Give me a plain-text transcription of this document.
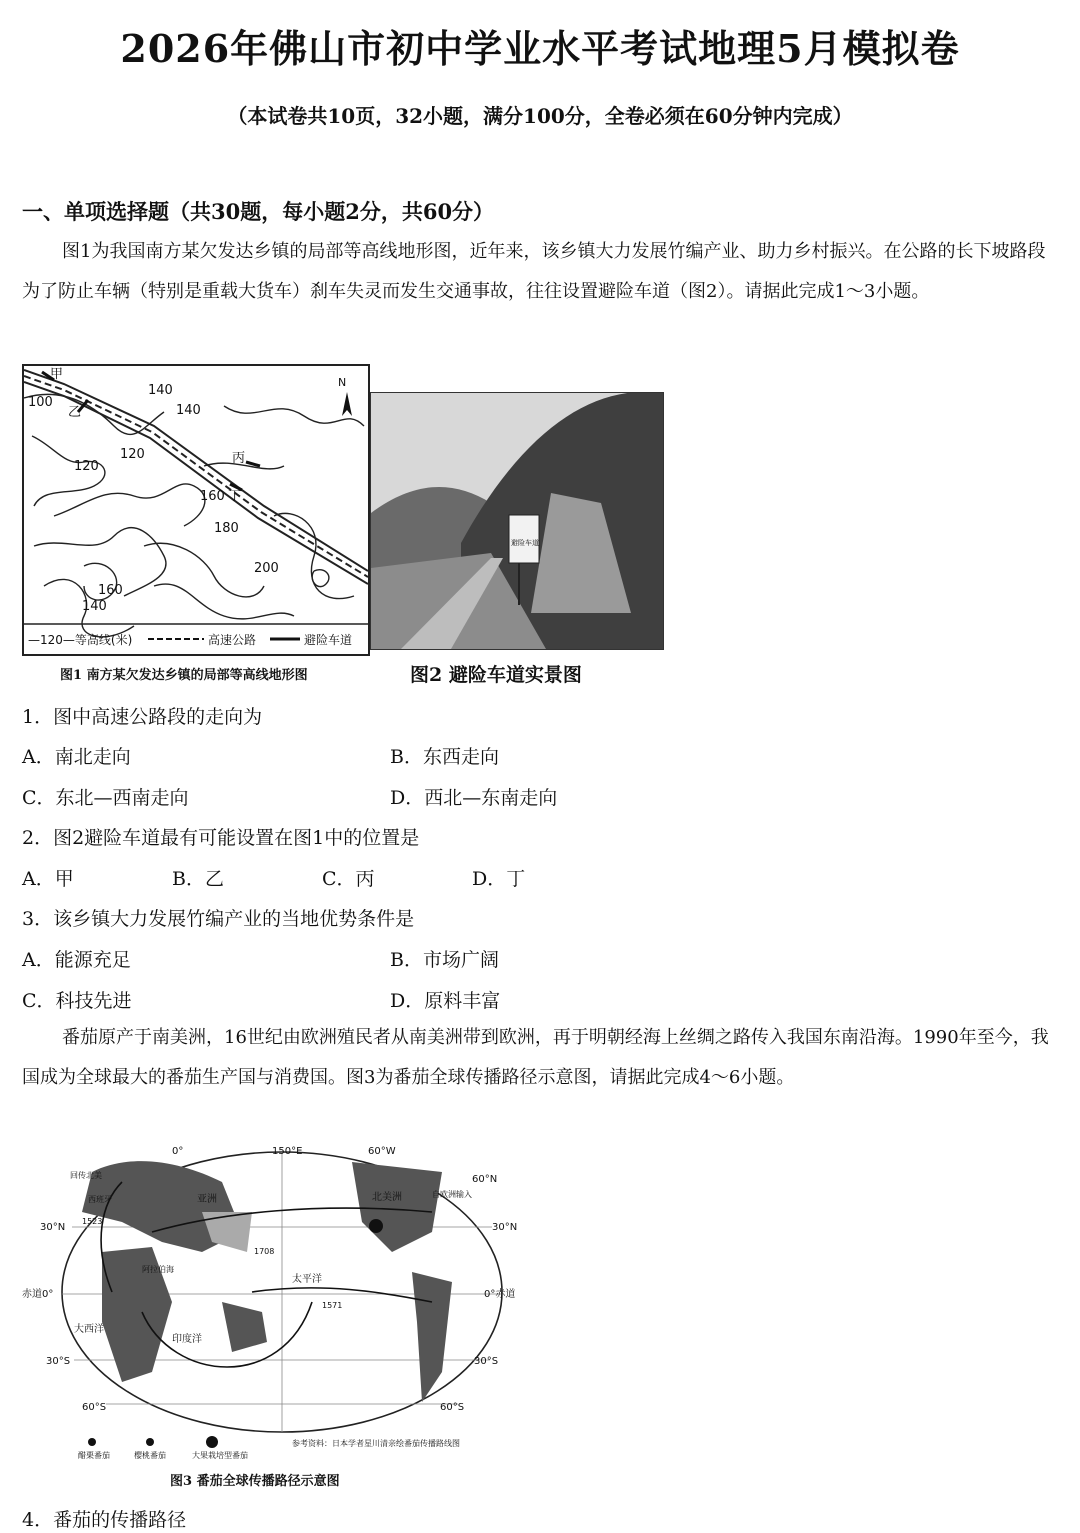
2026年佛山市初中学业水平考试地理5月模拟卷
（本试卷共10页，32小题，满分100分，全卷必须在60分钟内完成）
一、单项选择题（共30题，每小题2分，共60分）
图1为我国南方某欠发达乡镇的局部等高线地形图，近年来，该乡镇大力发展竹编产业、助力乡村振兴。在公路的长下坡路段为了防止车辆（特别是重载大货车）刹车失灵而发生交通事故，往往设置避险车道（图2）。请据此完成1～3小题。
甲
乙
丙
丁
100
140
140
120
120
160
180
200
160
140
N
—120—等高线(米)	高速公路	避险车道
图1 南方某欠发达乡镇的局部等高线地形图
避险车道
图2 避险车道实景图
1．图中高速公路段的走向为
A．南北走向	B．东西走向
C．东北—西南走向	D．西北—东南走向
2．图2避险车道最有可能设置在图1中的位置是
A．甲	B．乙	C．丙	D．丁
3．该乡镇大力发展竹编产业的当地优势条件是
A．能源充足	B．市场广阔
C．科技先进	D．原料丰富
番茄原产于南美洲，16世纪由欧洲殖民者从南美洲带到欧洲，再于明朝经海上丝绸之路传入我国东南沿海。1990年至今，我国成为全球最大的番茄生产国与消费国。图3为番茄全球传播路径示意图，请据此完成4～6小题。
0°	150°E	60°W
30°N
赤道0°
30°S
60°S
60°N
30°N
0°赤道
30°S
60°S
亚洲	北美洲
太平洋
大西洋
印度洋
阿拉伯海
自欧洲输入
回传北美
西班牙
1523
1708
1571
醋栗番茄	樱桃番茄	大果栽培型番茄
参考资料：日本学者星川清亲绘番茄传播路线图
图3 番茄全球传播路径示意图
4．番茄的传播路径
